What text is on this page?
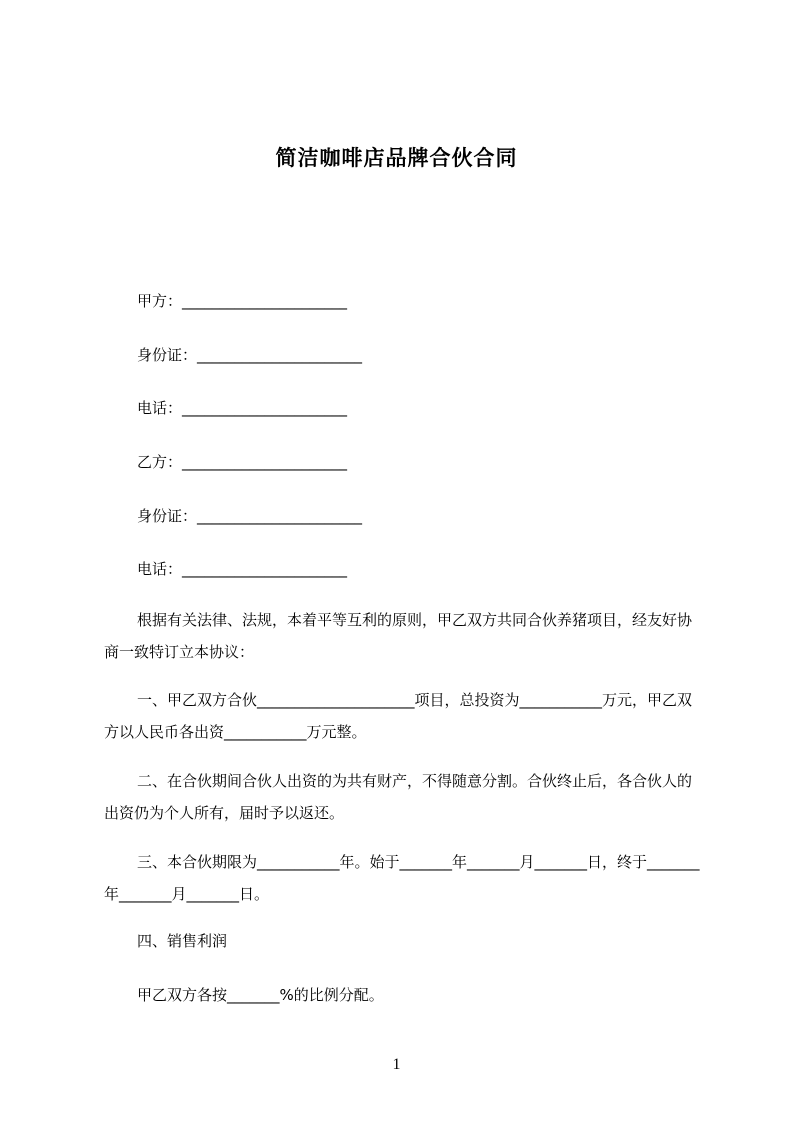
简洁咖啡店品牌合伙合同
甲方：______________________
身份证：______________________
电话：______________________
乙方：______________________
身份证：______________________
电话：______________________

根据有关法律、法规，本着平等互利的原则，甲乙双方共同合伙养猪项目，经友好协商一致特订立本协议：

一、甲乙双方合伙_____________________项目，总投资为___________万元，甲乙双方以人民币各出资___________万元整。

二、在合伙期间合伙人出资的为共有财产，不得随意分割。合伙终止后，各合伙人的出资仍为个人所有，届时予以返还。

三、本合伙期限为___________年。始于_______年_______月_______日，终于_______年_______月_______日。

四、销售利润
甲乙双方各按_______%的比例分配。
1
